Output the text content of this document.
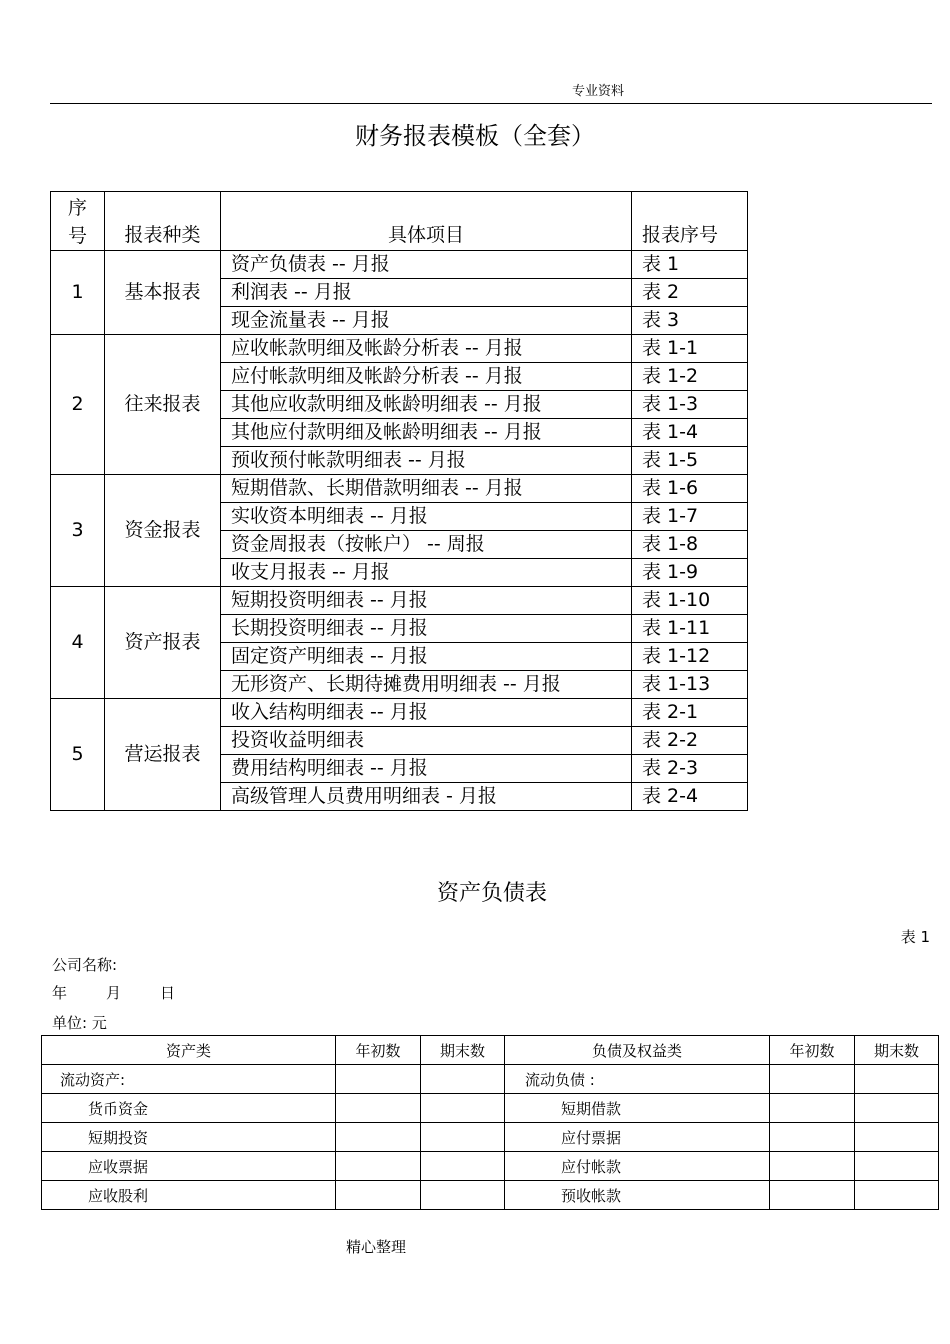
专业资料
财务报表模板（全套）
序号	报表种类	具体项目	报表序号
1	基本报表	资产负债表 -- 月报	表 1
		利润表 -- 月报	表 2
		现金流量表 -- 月报	表 3
2	往来报表	应收帐款明细及帐龄分析表 -- 月报	表 1-1
		应付帐款明细及帐龄分析表 -- 月报	表 1-2
		其他应收款明细及帐龄明细表 -- 月报	表 1-3
		其他应付款明细及帐龄明细表 -- 月报	表 1-4
		预收预付帐款明细表 -- 月报	表 1-5
3	资金报表	短期借款、长期借款明细表 -- 月报	表 1-6
		实收资本明细表 -- 月报	表 1-7
		资金周报表（按帐户） -- 周报	表 1-8
		收支月报表 -- 月报	表 1-9
4	资产报表	短期投资明细表 -- 月报	表 1-10
		长期投资明细表 -- 月报	表 1-11
		固定资产明细表 -- 月报	表 1-12
		无形资产、长期待摊费用明细表 -- 月报	表 1-13
5	营运报表	收入结构明细表 -- 月报	表 2-1
		投资收益明细表	表 2-2
		费用结构明细表 -- 月报	表 2-3
		高级管理人员费用明细表 - 月报	表 2-4
资产负债表
表 1
公司名称:
年	月	日
单位: 元
资产类	年初数	期末数	负债及权益类	年初数	期末数
流动资产:			流动负债 :		
货币资金			短期借款		
短期投资			应付票据		
应收票据			应付帐款		
应收股利			预收帐款		
精心整理
